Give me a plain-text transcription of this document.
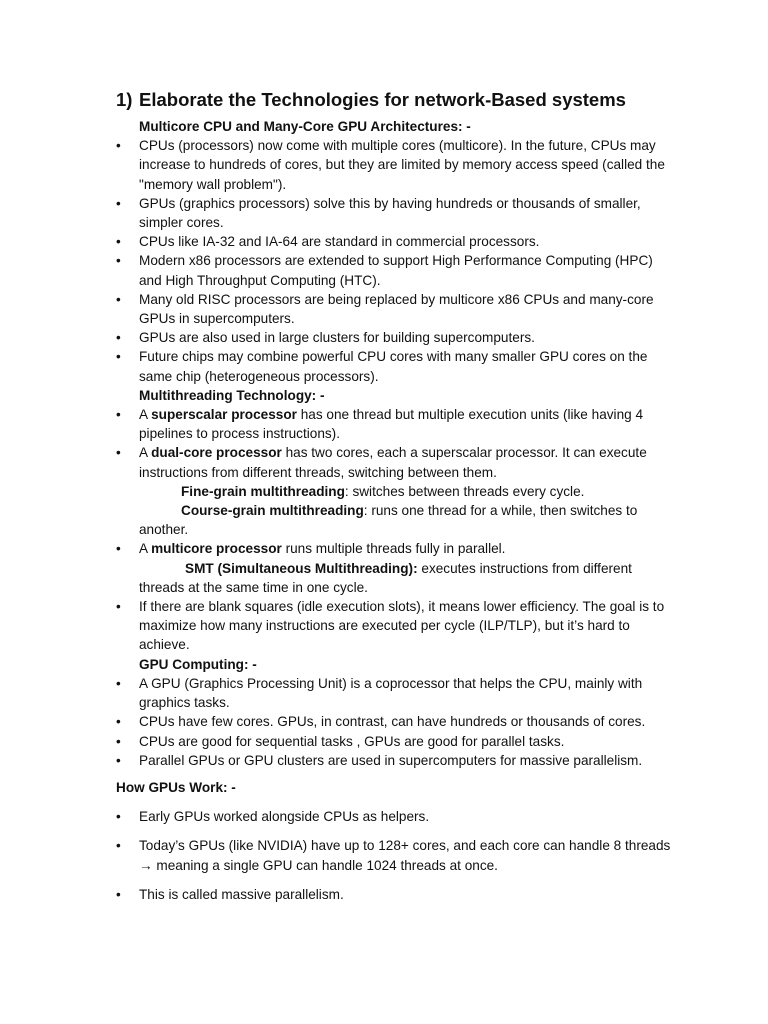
1) Elaborate the Technologies for network-Based systems

Multicore CPU and Many-Core GPU Architectures: -

• CPUs (processors) now come with multiple cores (multicore). In the future, CPUs may increase to hundreds of cores, but they are limited by memory access speed (called the "memory wall problem").

• GPUs (graphics processors) solve this by having hundreds or thousands of smaller, simpler cores.

• CPUs like IA-32 and IA-64 are standard in commercial processors.

• Modern x86 processors are extended to support High Performance Computing (HPC) and High Throughput Computing (HTC).

• Many old RISC processors are being replaced by multicore x86 CPUs and many-core GPUs in supercomputers.

• GPUs are also used in large clusters for building supercomputers.

• Future chips may combine powerful CPU cores with many smaller GPU cores on the same chip (heterogeneous processors).

Multithreading Technology: -

• A superscalar processor has one thread but multiple execution units (like having 4 pipelines to process instructions).

• A dual-core processor has two cores, each a superscalar processor. It can execute instructions from different threads, switching between them.

Fine-grain multithreading: switches between threads every cycle.

Course-grain multithreading: runs one thread for a while, then switches to another.

• A multicore processor runs multiple threads fully in parallel.

SMT (Simultaneous Multithreading): executes instructions from different threads at the same time in one cycle.

• If there are blank squares (idle execution slots), it means lower efficiency. The goal is to maximize how many instructions are executed per cycle (ILP/TLP), but it’s hard to achieve.

GPU Computing: -

• A GPU (Graphics Processing Unit) is a coprocessor that helps the CPU, mainly with graphics tasks.

• CPUs have few cores. GPUs, in contrast, can have hundreds or thousands of cores.

• CPUs are good for sequential tasks , GPUs are good for parallel tasks.

• Parallel GPUs or GPU clusters are used in supercomputers for massive parallelism.

How GPUs Work: -

• Early GPUs worked alongside CPUs as helpers.

• Today’s GPUs (like NVIDIA) have up to 128+ cores, and each core can handle 8 threads → meaning a single GPU can handle 1024 threads at once.

• This is called massive parallelism.
